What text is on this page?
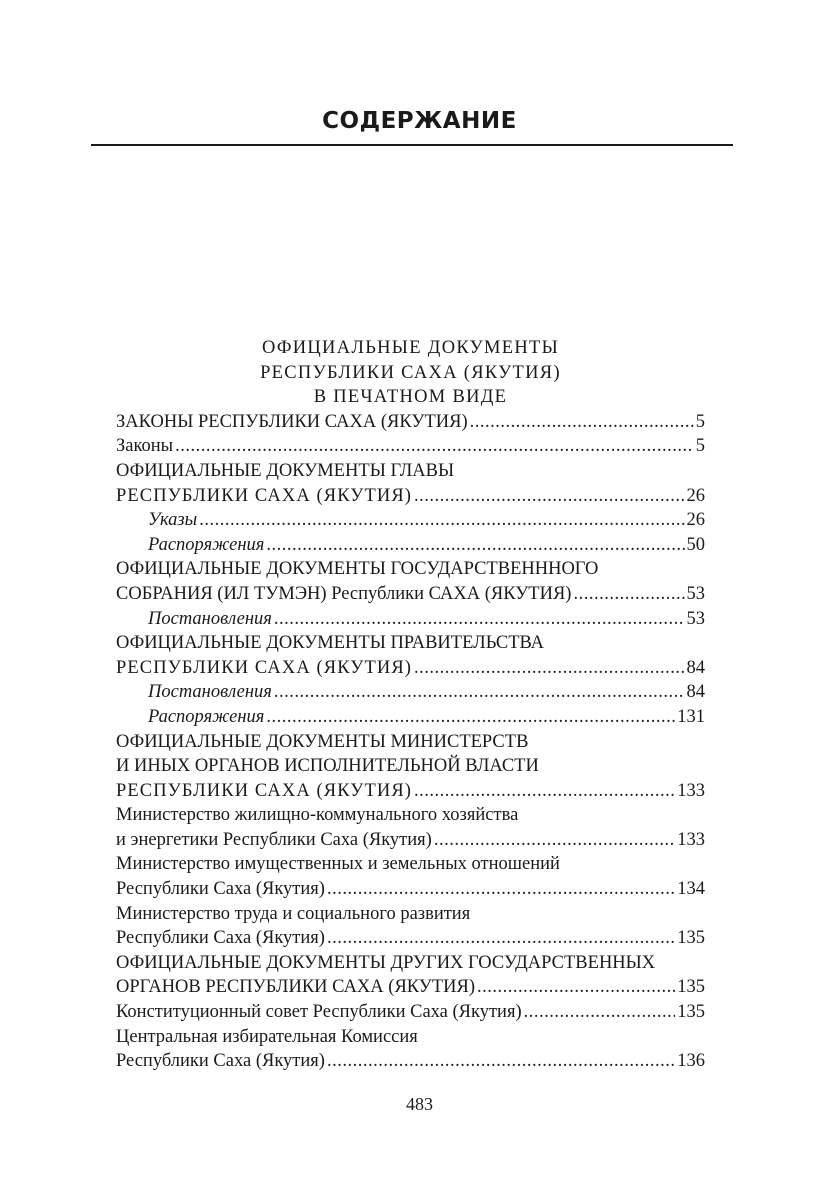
СОДЕРЖАНИЕ
ОФИЦИАЛЬНЫЕ ДОКУМЕНТЫ
РЕСПУБЛИКИ САХА (ЯКУТИЯ)
В ПЕЧАТНОМ ВИДЕ
ЗАКОНЫ РЕСПУБЛИКИ САХА (ЯКУТИЯ) .....	5
Законы .....	5
ОФИЦИАЛЬНЫЕ ДОКУМЕНТЫ ГЛАВЫ
РЕСПУБЛИКИ САХА (ЯКУТИЯ) .....	26
Указы .....	26
Распоряжения .....	50
ОФИЦИАЛЬНЫЕ ДОКУМЕНТЫ ГОСУДАРСТВЕНННОГО
СОБРАНИЯ (ИЛ ТУМЭН) Республики САХА (ЯКУТИЯ) .....	53
Постановления .....	53
ОФИЦИАЛЬНЫЕ ДОКУМЕНТЫ ПРАВИТЕЛЬСТВА
РЕСПУБЛИКИ САХА (ЯКУТИЯ) .....	84
Постановления .....	84
Распоряжения .....	131
ОФИЦИАЛЬНЫЕ ДОКУМЕНТЫ МИНИСТЕРСТВ
И ИНЫХ ОРГАНОВ ИСПОЛНИТЕЛЬНОЙ ВЛАСТИ
РЕСПУБЛИКИ САХА (ЯКУТИЯ) .....	133
Министерство жилищно-коммунального хозяйства
и энергетики Республики Саха (Якутия) .....	133
Министерство имущественных и земельных отношений
Республики Саха (Якутия) .....	134
Министерство труда и социального развития
Республики Саха (Якутия) .....	135
ОФИЦИАЛЬНЫЕ ДОКУМЕНТЫ ДРУГИХ ГОСУДАРСТВЕННЫХ
ОРГАНОВ РЕСПУБЛИКИ САХА (ЯКУТИЯ) .....	135
Конституционный совет Республики Саха (Якутия) .....	135
Центральная избирательная Комиссия
Республики Саха (Якутия) .....	136
483
